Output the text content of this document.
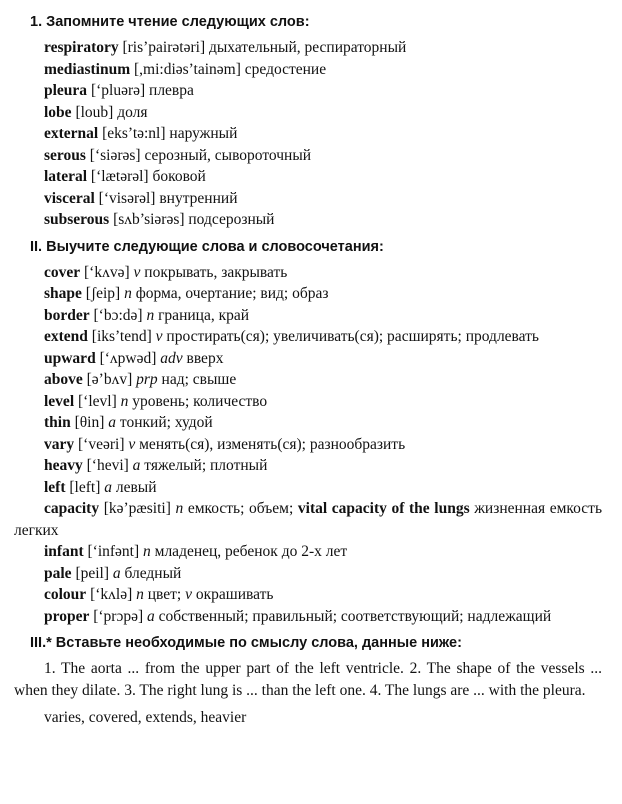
1. Запомните чтение следующих слов:
respiratory [ris’pairətəri] дыхательный, респираторный
mediastinum [,mi:diəs’tainəm] средостение
pleura [‘pluərə] плевра
lobe [loub] доля
external [eks’tə:nl] наружный
serous [‘siərəs] серозный, сывороточный
lateral [‘lætərəl] боковой
visceral [‘visərəl] внутренний
subserous [sʌb’siərəs] подсерозный
II. Выучите следующие слова и словосочетания:
cover [‘kʌvə] v покрывать, закрывать
shape [ʃeip] n форма, очертание; вид; образ
border [‘bɔ:də] n граница, край
extend [iks’tend] v простирать(ся); увеличивать(ся); расширять; продлевать
upward [‘ʌpwəd] adv вверх
above [ə’bʌv] prp над; свыше
level [‘levl] n уровень; количество
thin [θin] a тонкий; худой
vary [‘veəri] v менять(ся), изменять(ся); разнообразить
heavy [‘hevi] a тяжелый; плотный
left [left] a левый
capacity [kə’pæsiti] n емкость; объем; vital capacity of the lungs жизненная емкость легких
infant [‘infənt] n младенец, ребенок до 2-х лет
pale [peil] a бледный
colour [‘kʌlə] n цвет; v окрашивать
proper [‘prɔpə] a собственный; правильный; соответствующий; надлежащий
III.* Вставьте необходимые по смыслу слова, данные ниже:
1. The aorta ... from the upper part of the left ventricle. 2. The shape of the vessels ... when they dilate. 3. The right lung is ... than the left one. 4. The lungs are ... with the pleura.
varies, covered, extends, heavier
